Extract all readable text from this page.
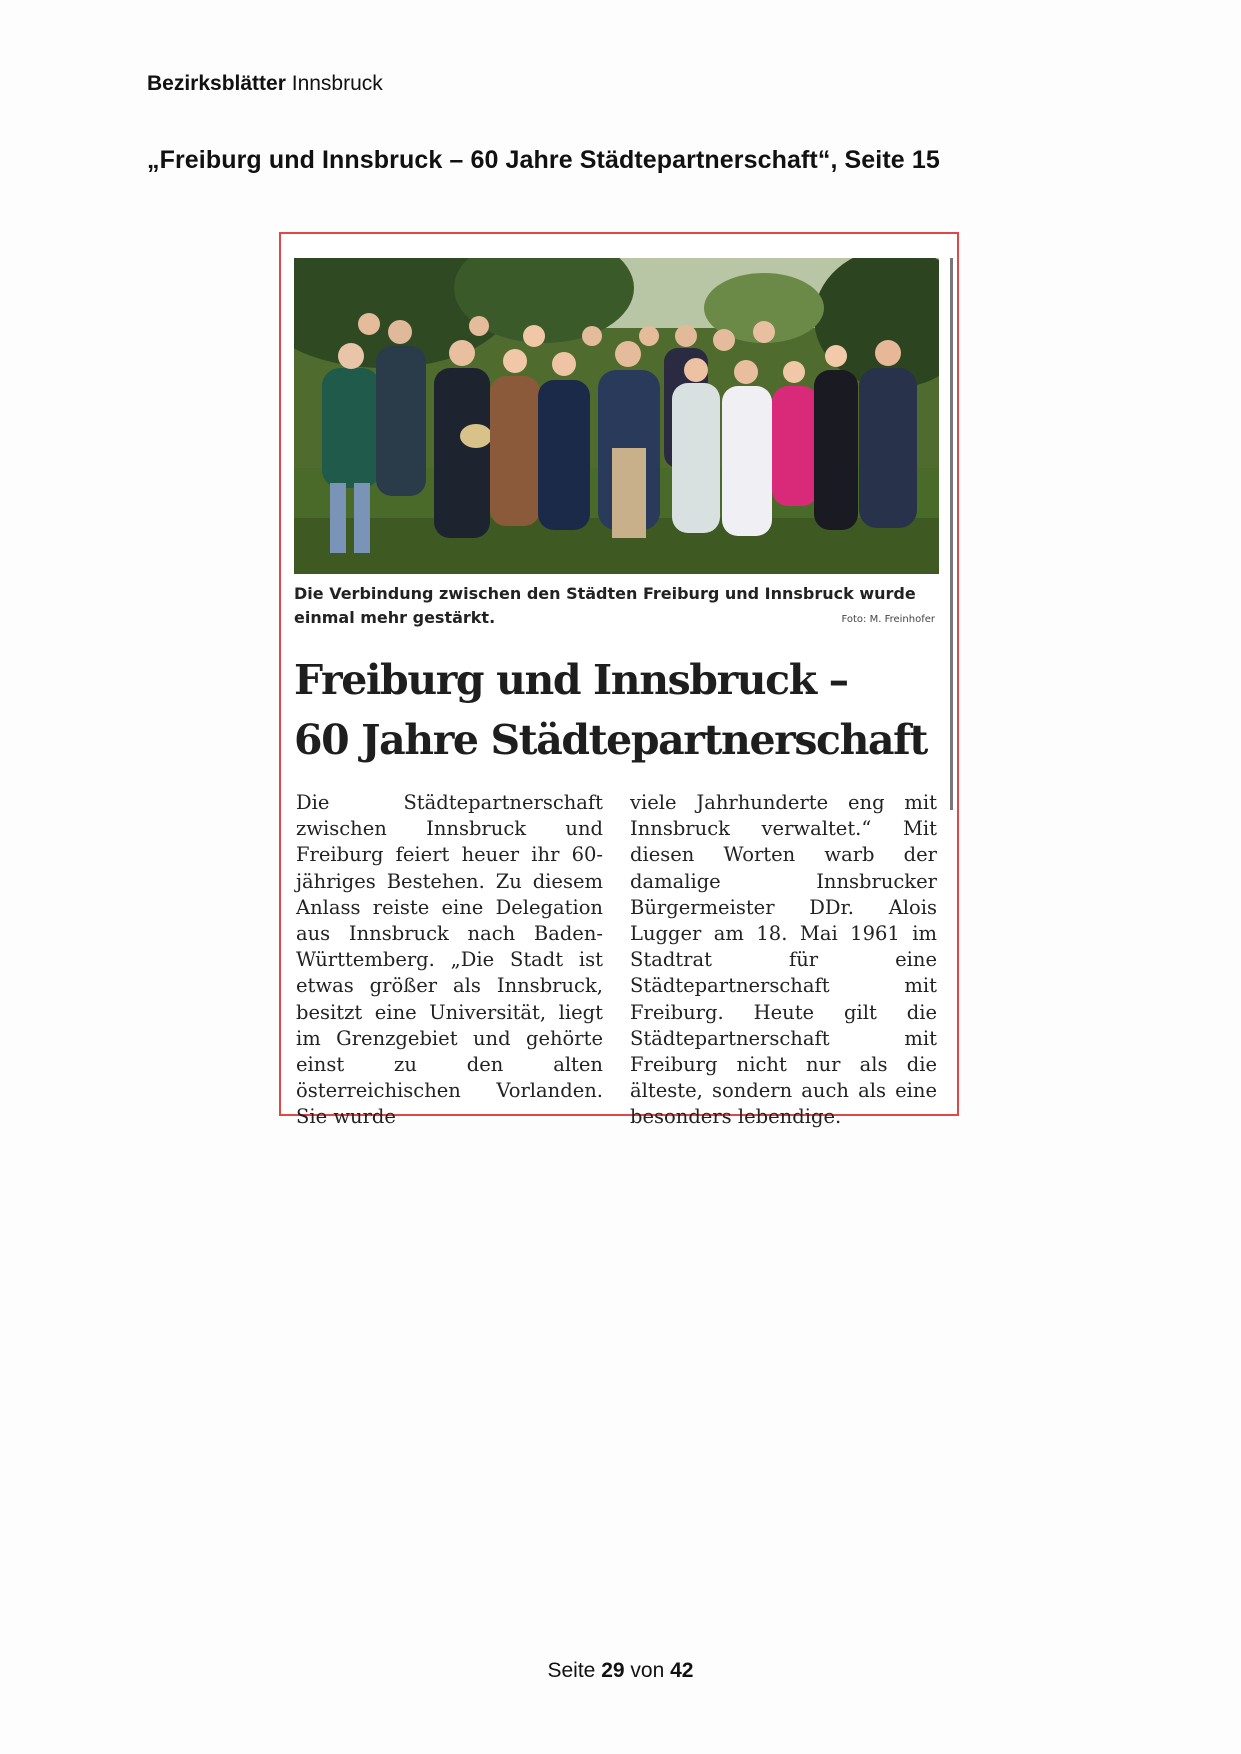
Bezirksblätter Innsbruck
„Freiburg und Innsbruck – 60 Jahre Städtepartnerschaft“, Seite 15
Die Verbindung zwischen den Städten Freiburg und Innsbruck wurde einmal mehr gestärkt.	Foto: M. Freinhofer
Freiburg und Innsbruck –
60 Jahre Städtepartnerschaft

Die Städtepartnerschaft zwischen Innsbruck und Freiburg feiert heuer ihr 60-jähriges Bestehen. Zu diesem Anlass reiste eine Delegation aus Innsbruck nach Baden-Württemberg. „Die Stadt ist etwas größer als Innsbruck, besitzt eine Universität, liegt im Grenzgebiet und gehörte einst zu den alten österreichischen Vorlanden. Sie wurde

viele Jahrhunderte eng mit Innsbruck verwaltet.“ Mit diesen Worten warb der damalige Innsbrucker Bürgermeister DDr. Alois Lugger am 18. Mai 1961 im Stadtrat für eine Städtepartnerschaft mit Freiburg. Heute gilt die Städtepartnerschaft mit Freiburg nicht nur als die älteste, sondern auch als eine besonders lebendige.

Seite 29 von 42
